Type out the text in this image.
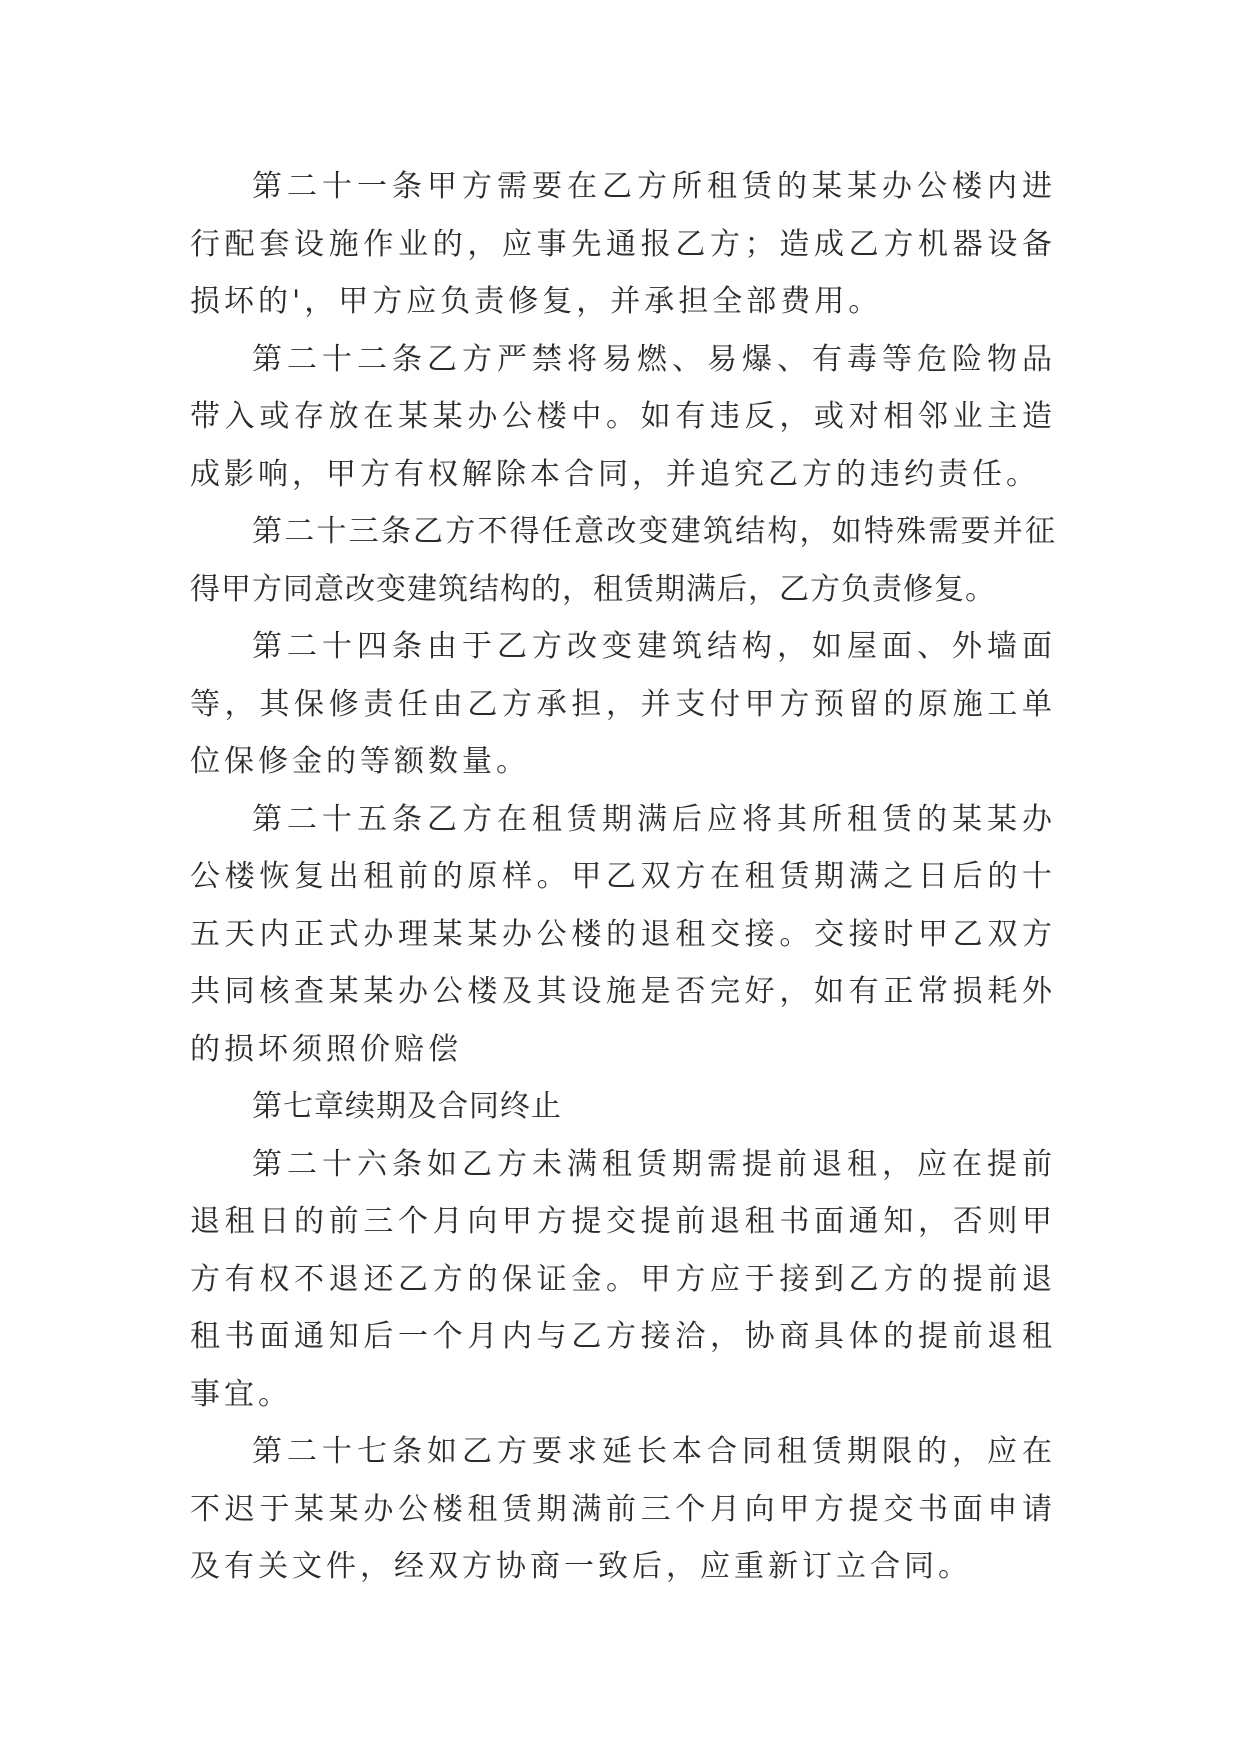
第二十一条甲方需要在乙方所租赁的某某办公楼内进行配套设施作业的，应事先通报乙方；造成乙方机器设备损坏的'，甲方应负责修复，并承担全部费用。

第二十二条乙方严禁将易燃、易爆、有毒等危险物品带入或存放在某某办公楼中。如有违反，或对相邻业主造成影响，甲方有权解除本合同，并追究乙方的违约责任。

第二十三条乙方不得任意改变建筑结构，如特殊需要并征得甲方同意改变建筑结构的，租赁期满后，乙方负责修复。

第二十四条由于乙方改变建筑结构，如屋面、外墙面等，其保修责任由乙方承担，并支付甲方预留的原施工单位保修金的等额数量。

第二十五条乙方在租赁期满后应将其所租赁的某某办公楼恢复出租前的原样。甲乙双方在租赁期满之日后的十五天内正式办理某某办公楼的退租交接。交接时甲乙双方共同核查某某办公楼及其设施是否完好，如有正常损耗外的损坏须照价赔偿

第七章续期及合同终止

第二十六条如乙方未满租赁期需提前退租，应在提前退租日的前三个月向甲方提交提前退租书面通知，否则甲方有权不退还乙方的保证金。甲方应于接到乙方的提前退租书面通知后一个月内与乙方接洽，协商具体的提前退租事宜。

第二十七条如乙方要求延长本合同租赁期限的，应在不迟于某某办公楼租赁期满前三个月向甲方提交书面申请及有关文件，经双方协商一致后，应重新订立合同。
